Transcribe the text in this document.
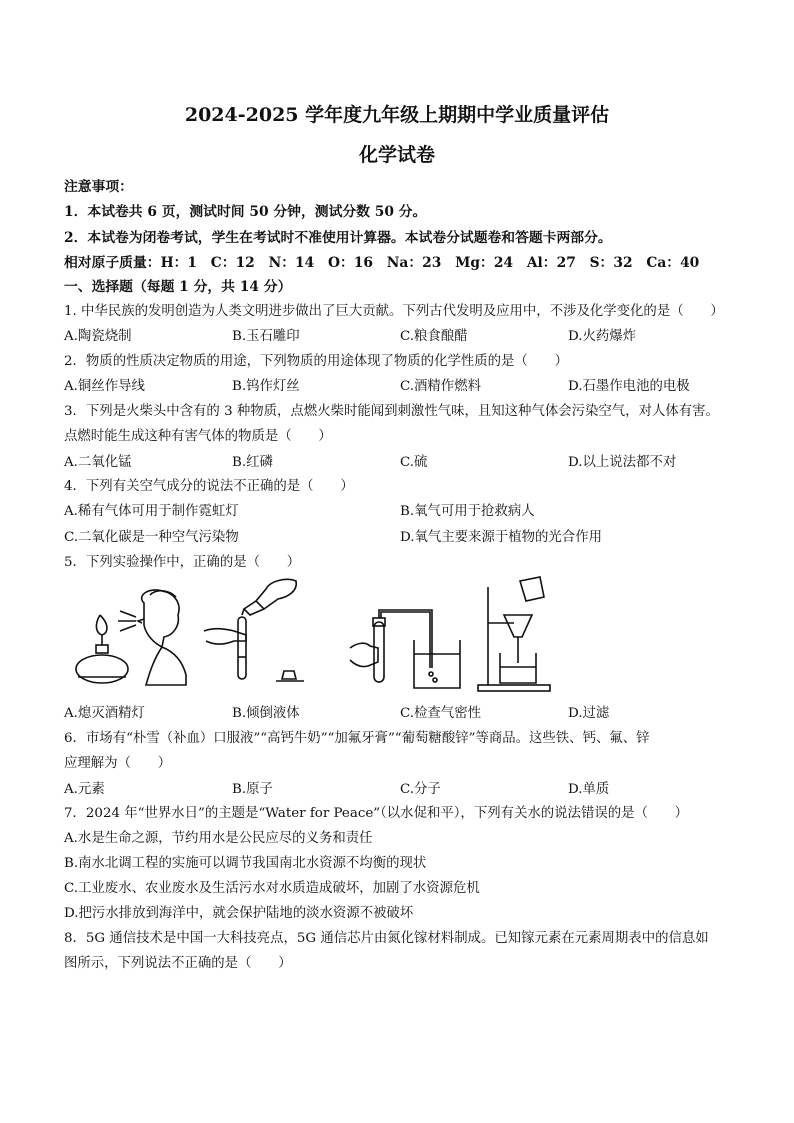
2024-2025 学年度九年级上期期中学业质量评估
化学试卷
注意事项：
1．本试卷共 6 页，测试时间 50 分钟，测试分数 50 分。
2．本试卷为闭卷考试，学生在考试时不准使用计算器。本试卷分试题卷和答题卡两部分。
相对原子质量：H：1　C：12　N：14　O：16　Na：23　Mg：24　Al：27　S：32　Ca：40
一、选择题（每题 1 分，共 14 分）
1. 中华民族的发明创造为人类文明进步做出了巨大贡献。下列古代发明及应用中，不涉及化学变化的是（　　）
A.陶瓷烧制	B.玉石雕印	C.粮食酿醋	D.火药爆炸
2．物质的性质决定物质的用途，下列物质的用途体现了物质的化学性质的是（　　）
A.铜丝作导线	B.钨作灯丝	C.酒精作燃料	D.石墨作电池的电极
3．下列是火柴头中含有的 3 种物质，点燃火柴时能闻到刺激性气味，且知这种气体会污染空气，对人体有害。
点燃时能生成这种有害气体的物质是（　　）
A.二氧化锰	B.红磷	C.硫	D.以上说法都不对
4．下列有关空气成分的说法不正确的是（　　）
A.稀有气体可用于制作霓虹灯	B.氧气可用于抢救病人
C.二氧化碳是一种空气污染物	D.氧气主要来源于植物的光合作用
5．下列实验操作中，正确的是（　　）
A.熄灭酒精灯	B.倾倒液体	C.检查气密性	D.过滤
6．市场有“朴雪（补血）口服液”“高钙牛奶”“加氟牙膏”“葡萄糖酸锌”等商品。这些铁、钙、氟、锌
应理解为（　　）
A.元素	B.原子	C.分子	D.单质
7．2024 年“世界水日”的主题是“Water for Peace”（以水促和平），下列有关水的说法错误的是（　　）
A.水是生命之源，节约用水是公民应尽的义务和责任
B.南水北调工程的实施可以调节我国南北水资源不均衡的现状
C.工业废水、农业废水及生活污水对水质造成破坏，加剧了水资源危机
D.把污水排放到海洋中，就会保护陆地的淡水资源不被破坏
8．5G 通信技术是中国一大科技亮点，5G 通信芯片由氮化镓材料制成。已知镓元素在元素周期表中的信息如
图所示，下列说法不正确的是（　　）
